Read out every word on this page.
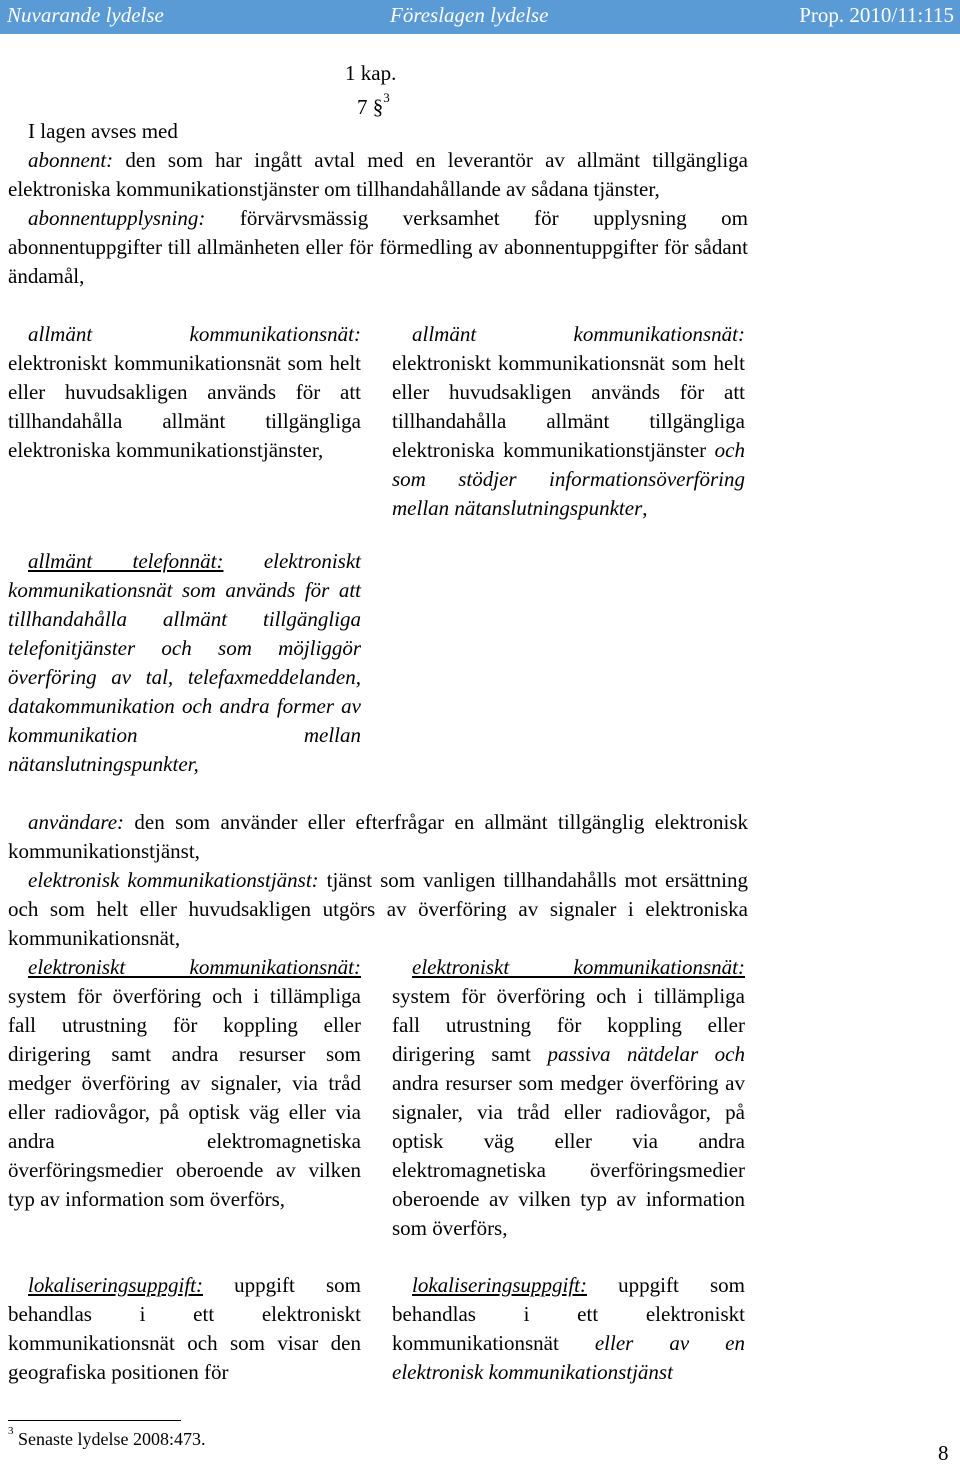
Nuvarande lydelse	Föreslagen lydelse	Prop. 2010/11:115
1 kap.
7 §$^3$

I lagen avses med

abonnent: den som har ingått avtal med en leverantör av allmänt tillgängliga elektroniska kommunikationstjänster om tillhandahållande av sådana tjänster,

abonnentupplysning: förvärvsmässig verksamhet för upplysning om abonnentuppgifter till allmänheten eller för förmedling av abonnentuppgifter för sådant ändamål,

allmänt kommunikationsnät: elektroniskt kommunikationsnät som helt eller huvudsakligen används för att tillhandahålla allmänt tillgängliga elektroniska kommunikationstjänster,

allmänt kommunikationsnät: elektroniskt kommunikationsnät som helt eller huvudsakligen används för att tillhandahålla allmänt tillgängliga elektroniska kommunikationstjänster och som stödjer informationsöverföring mellan nätanslutningspunkter,

allmänt telefonnät: elektroniskt kommunikationsnät som används för att tillhandahålla allmänt tillgängliga telefonitjänster och som möjliggör överföring av tal, telefaxmeddelanden, datakommunikation och andra former av kommunikation mellan nätanslutningspunkter,

användare: den som använder eller efterfrågar en allmänt tillgänglig elektronisk kommunikationstjänst,

elektronisk kommunikationstjänst: tjänst som vanligen tillhandahålls mot ersättning och som helt eller huvudsakligen utgörs av överföring av signaler i elektroniska kommunikationsnät,

elektroniskt kommunikationsnät: system för överföring och i tillämpliga fall utrustning för koppling eller dirigering samt andra resurser som medger överföring av signaler, via tråd eller radiovågor, på optisk väg eller via andra elektromagnetiska överföringsmedier oberoende av vilken typ av information som överförs,

elektroniskt kommunikationsnät: system för överföring och i tillämpliga fall utrustning för koppling eller dirigering samt passiva nätdelar och andra resurser som medger överföring av signaler, via tråd eller radiovågor, på optisk väg eller via andra elektromagnetiska överföringsmedier oberoende av vilken typ av information som överförs,

lokaliseringsuppgift: uppgift som behandlas i ett elektroniskt kommunikationsnät och som visar den geografiska positionen för

lokaliseringsuppgift: uppgift som behandlas i ett elektroniskt kommunikationsnät eller av en elektronisk kommunikationstjänst

$^3$ Senaste lydelse 2008:473.
8
